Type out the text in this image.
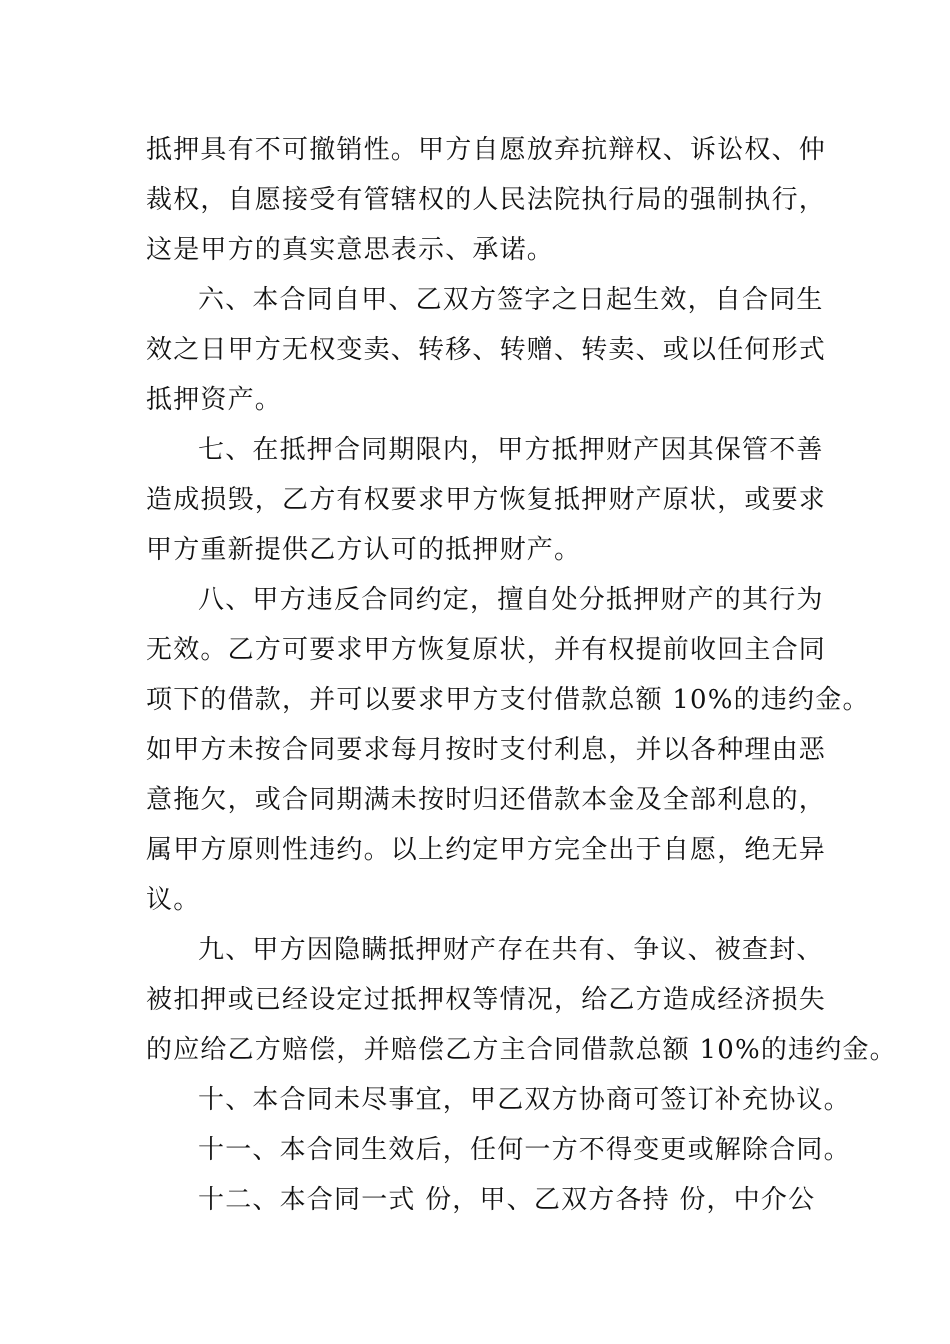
抵押具有不可撤销性。甲方自愿放弃抗辩权、诉讼权、仲
裁权，自愿接受有管辖权的人民法院执行局的强制执行，
这是甲方的真实意思表示、承诺。
六、本合同自甲、乙双方签字之日起生效，自合同生
效之日甲方无权变卖、转移、转赠、转卖、或以任何形式
抵押资产。
七、在抵押合同期限内，甲方抵押财产因其保管不善
造成损毁，乙方有权要求甲方恢复抵押财产原状，或要求
甲方重新提供乙方认可的抵押财产。
八、甲方违反合同约定，擅自处分抵押财产的其行为
无效。乙方可要求甲方恢复原状，并有权提前收回主合同
项下的借款，并可以要求甲方支付借款总额 10%的违约金。
如甲方未按合同要求每月按时支付利息，并以各种理由恶
意拖欠，或合同期满未按时归还借款本金及全部利息的，
属甲方原则性违约。以上约定甲方完全出于自愿，绝无异
议。
九、甲方因隐瞒抵押财产存在共有、争议、被查封、
被扣押或已经设定过抵押权等情况，给乙方造成经济损失
的应给乙方赔偿，并赔偿乙方主合同借款总额 10%的违约金。
十、本合同未尽事宜，甲乙双方协商可签订补充协议。
十一、本合同生效后，任何一方不得变更或解除合同。
十二、本合同一式 份，甲、乙双方各持 份，中介公
